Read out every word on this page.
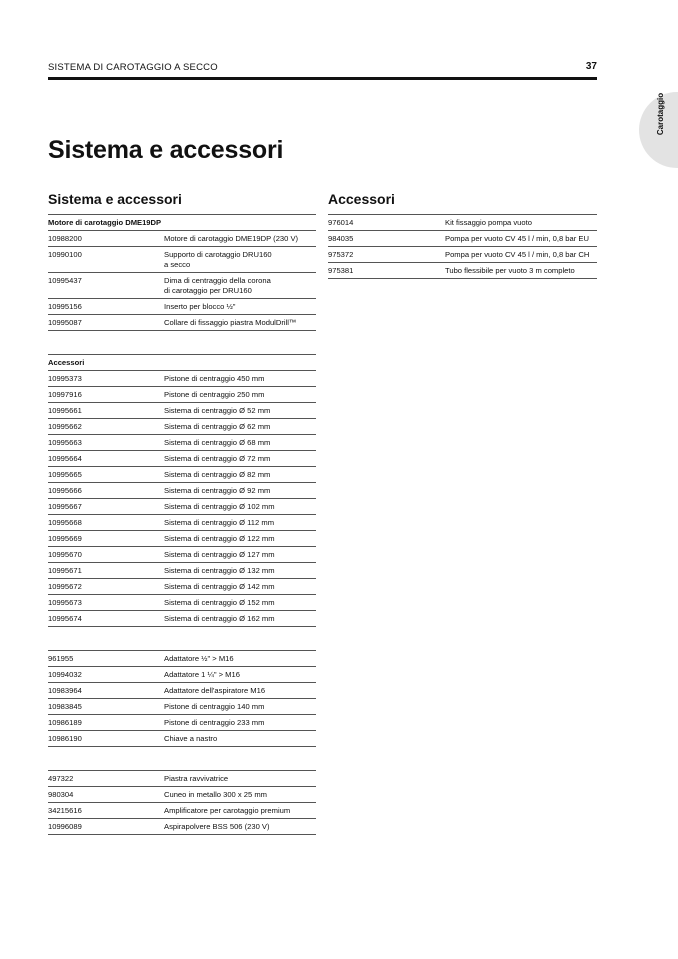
SISTEMA DI CAROTAGGIO A SECCO	37
Carotaggio
Sistema e accessori
Sistema e accessori
Motore di carotaggio DME19DP
10988200	Motore di carotaggio DME19DP (230 V)
10990100	Supporto di carotaggio DRU160
a secco
10995437	Dima di centraggio della corona
di carotaggio per DRU160
10995156	Inserto per blocco ½"
10995087	Collare di fissaggio piastra ModulDrill™
Accessori
10995373	Pistone di centraggio 450 mm
10997916	Pistone di centraggio 250 mm
10995661	Sistema di centraggio Ø 52 mm
10995662	Sistema di centraggio Ø 62 mm
10995663	Sistema di centraggio Ø 68 mm
10995664	Sistema di centraggio Ø 72 mm
10995665	Sistema di centraggio Ø 82 mm
10995666	Sistema di centraggio Ø 92 mm
10995667	Sistema di centraggio Ø 102 mm
10995668	Sistema di centraggio Ø 112 mm
10995669	Sistema di centraggio Ø 122 mm
10995670	Sistema di centraggio Ø 127 mm
10995671	Sistema di centraggio Ø 132 mm
10995672	Sistema di centraggio Ø 142 mm
10995673	Sistema di centraggio Ø 152 mm
10995674	Sistema di centraggio Ø 162 mm
961955	Adattatore ½" > M16
10994032	Adattatore 1 ¼" > M16
10983964	Adattatore dell'aspiratore M16
10983845	Pistone di centraggio 140 mm
10986189	Pistone di centraggio 233 mm
10986190	Chiave a nastro
497322	Piastra ravvivatrice
980304	Cuneo in metallo 300 x 25 mm
34215616	Amplificatore per carotaggio premium
10996089	Aspirapolvere BSS 506 (230 V)
Accessori
976014	Kit fissaggio pompa vuoto
984035	Pompa per vuoto CV 45 l / min, 0,8 bar EU
975372	Pompa per vuoto CV 45 l / min, 0,8 bar CH
975381	Tubo flessibile per vuoto 3 m completo
